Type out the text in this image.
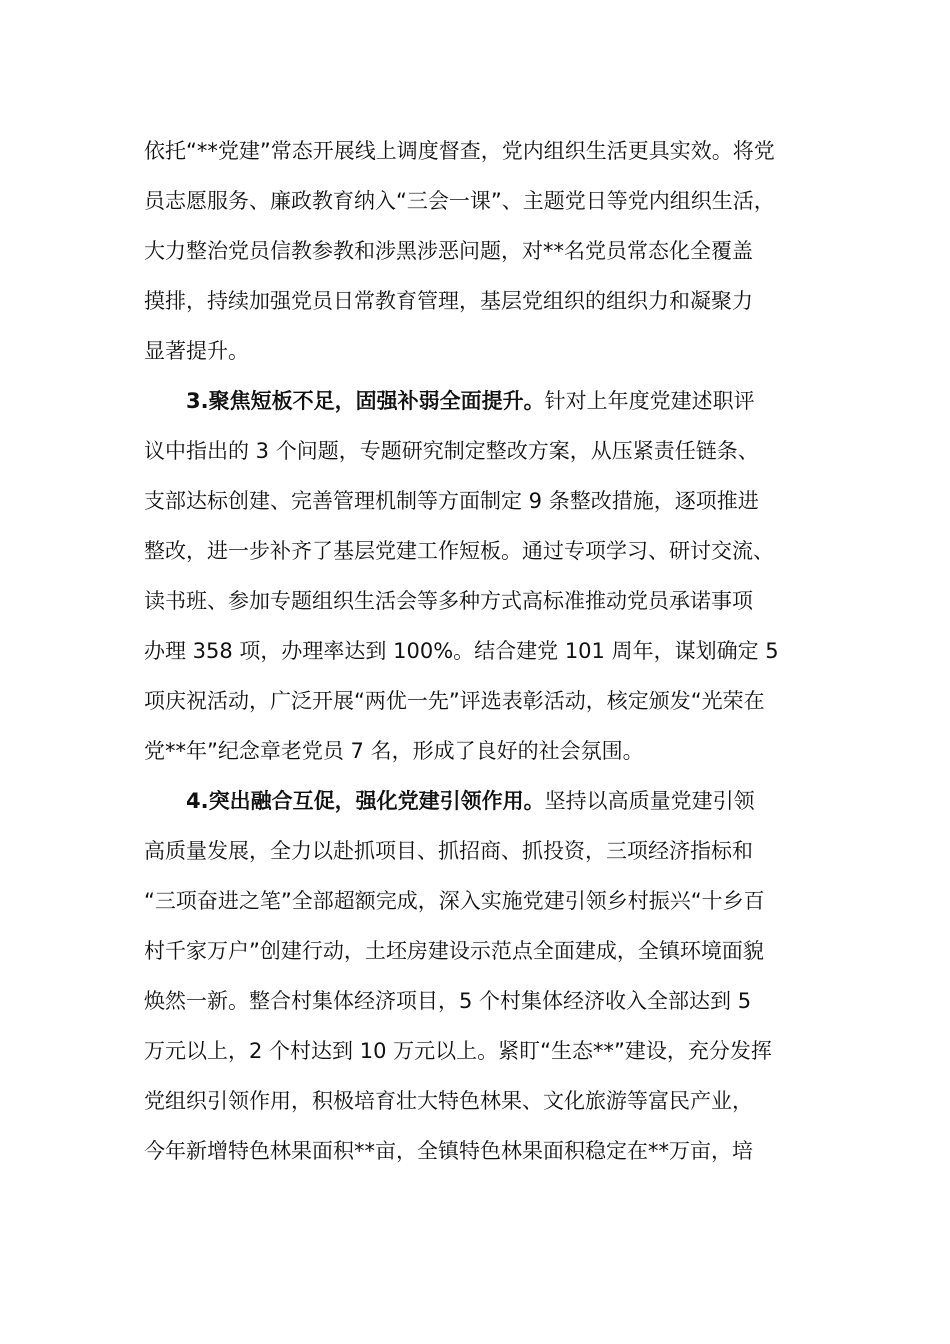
依托“**党建”常态开展线上调度督查，党内组织生活更具实效。将党
员志愿服务、廉政教育纳入“三会一课”、主题党日等党内组织生活，
大力整治党员信教参教和涉黑涉恶问题，对**名党员常态化全覆盖
摸排，持续加强党员日常教育管理，基层党组织的组织力和凝聚力
显著提升。
3.聚焦短板不足，固强补弱全面提升。针对上年度党建述职评
议中指出的 3 个问题，专题研究制定整改方案，从压紧责任链条、
支部达标创建、完善管理机制等方面制定 9 条整改措施，逐项推进
整改，进一步补齐了基层党建工作短板。通过专项学习、研讨交流、
读书班、参加专题组织生活会等多种方式高标准推动党员承诺事项
办理 358 项，办理率达到 100%。结合建党 101 周年，谋划确定 5
项庆祝活动，广泛开展“两优一先”评选表彰活动，核定颁发“光荣在
党**年”纪念章老党员 7 名，形成了良好的社会氛围。
4.突出融合互促，强化党建引领作用。坚持以高质量党建引领
高质量发展，全力以赴抓项目、抓招商、抓投资，三项经济指标和
“三项奋进之笔”全部超额完成，深入实施党建引领乡村振兴“十乡百
村千家万户”创建行动，土坯房建设示范点全面建成，全镇环境面貌
焕然一新。整合村集体经济项目，5 个村集体经济收入全部达到 5
万元以上，2 个村达到 10 万元以上。紧盯“生态**”建设，充分发挥
党组织引领作用，积极培育壮大特色林果、文化旅游等富民产业，
今年新增特色林果面积**亩，全镇特色林果面积稳定在**万亩，培
